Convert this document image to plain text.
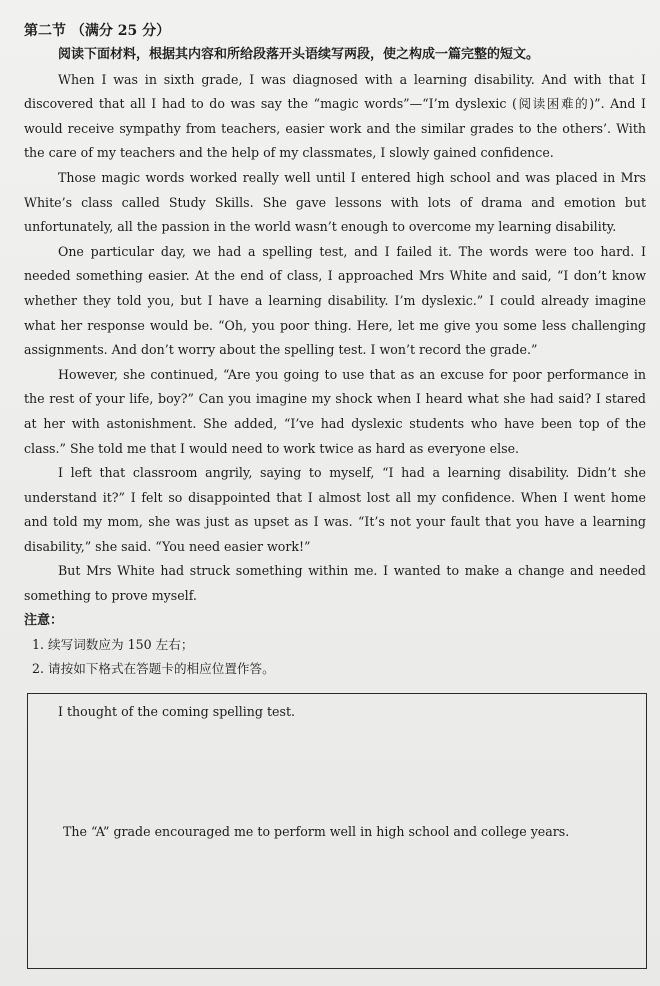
第二节 （满分 25 分）

阅读下面材料，根据其内容和所给段落开头语续写两段，使之构成一篇完整的短文。

When I was in sixth grade, I was diagnosed with a learning disability. And with that I discovered that all I had to do was say the “magic words”—“I’m dyslexic (阅读困难的)”. And I would receive sympathy from teachers, easier work and the similar grades to the others’. With the care of my teachers and the help of my classmates, I slowly gained confidence.

Those magic words worked really well until I entered high school and was placed in Mrs White’s class called Study Skills. She gave lessons with lots of drama and emotion but unfortunately, all the passion in the world wasn’t enough to overcome my learning disability.

One particular day, we had a spelling test, and I failed it. The words were too hard. I needed something easier. At the end of class, I approached Mrs White and said, “I don’t know whether they told you, but I have a learning disability. I’m dyslexic.” I could already imagine what her response would be. “Oh, you poor thing. Here, let me give you some less challenging assignments. And don’t worry about the spelling test. I won’t record the grade.”

However, she continued, “Are you going to use that as an excuse for poor performance in the rest of your life, boy?” Can you imagine my shock when I heard what she had said? I stared at her with astonishment. She added, “I’ve had dyslexic students who have been top of the class.” She told me that I would need to work twice as hard as everyone else.

I left that classroom angrily, saying to myself, “I had a learning disability. Didn’t she understand it?” I felt so disappointed that I almost lost all my confidence. When I went home and told my mom, she was just as upset as I was. “It’s not your fault that you have a learning disability,” she said. “You need easier work!”

But Mrs White had struck something within me. I wanted to make a change and needed something to prove myself.

注意：
1. 续写词数应为 150 左右；
2. 请按如下格式在答题卡的相应位置作答。
I thought of the coming spelling test.
The “A” grade encouraged me to perform well in high school and college years.
